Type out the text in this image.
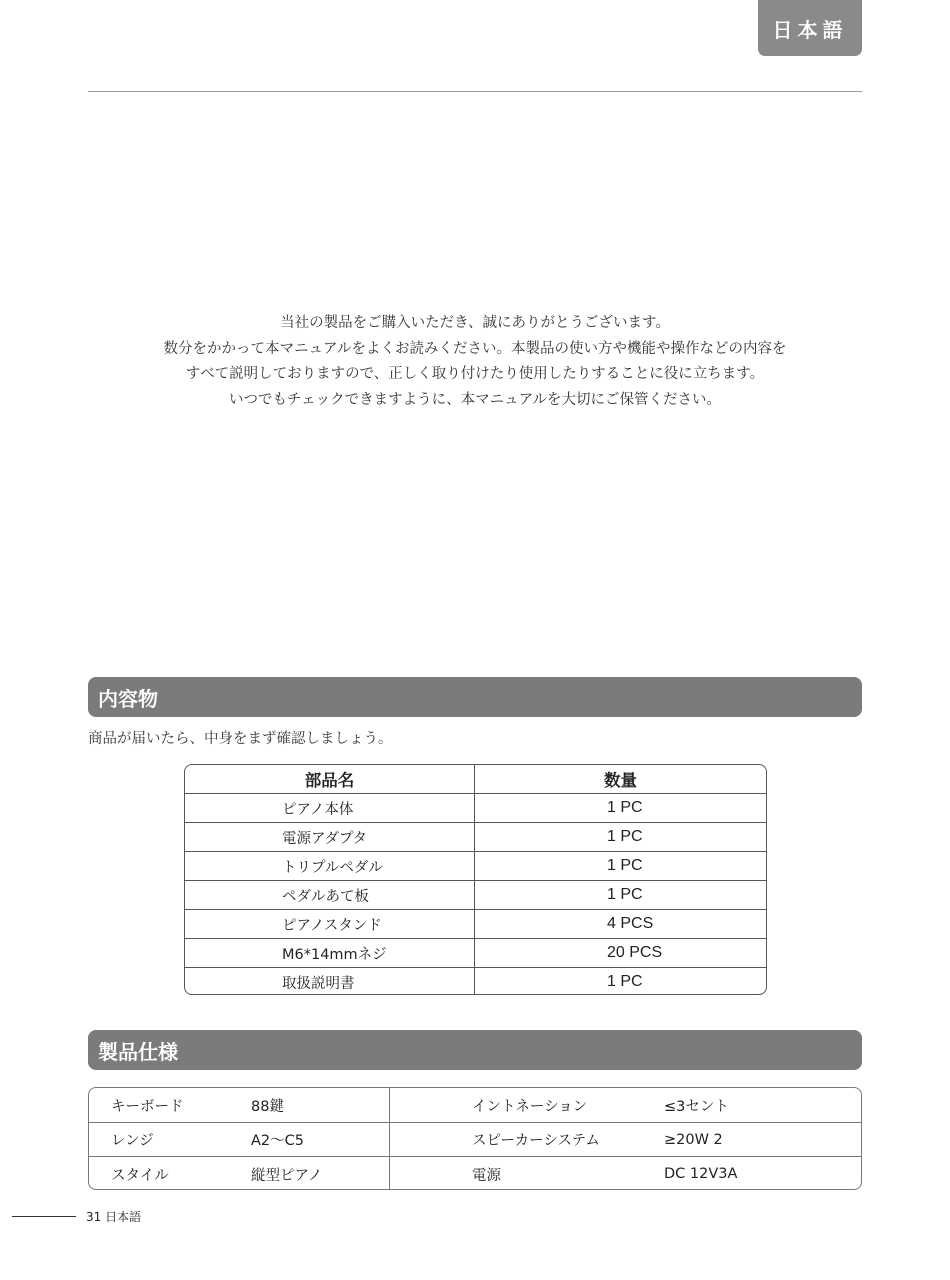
日本語

当社の製品をご購入いただき、誠にありがとうございます。

数分をかかって本マニュアルをよくお読みください。本製品の使い方や機能や操作などの内容を

すべて説明しておりますので、正しく取り付けたり使用したりすることに役に立ちます。

いつでもチェックできますように、本マニュアルを大切にご保管ください。

内容物
商品が届いたら、中身をまず確認しましょう。
部品名	数量
ピアノ本体	1 PC
電源アダプタ	1 PC
トリプルペダル	1 PC
ペダルあて板	1 PC
ピアノスタンド	4 PCS
M6*14mmネジ	20 PCS
取扱説明書	1 PC
製品仕様
キーボード	88鍵	イントネーション	≤3セント
レンジ	A2〜C5	スピーカーシステム	≥20W 2
スタイル	縦型ピアノ	電源	DC 12V3A
31 日本語
